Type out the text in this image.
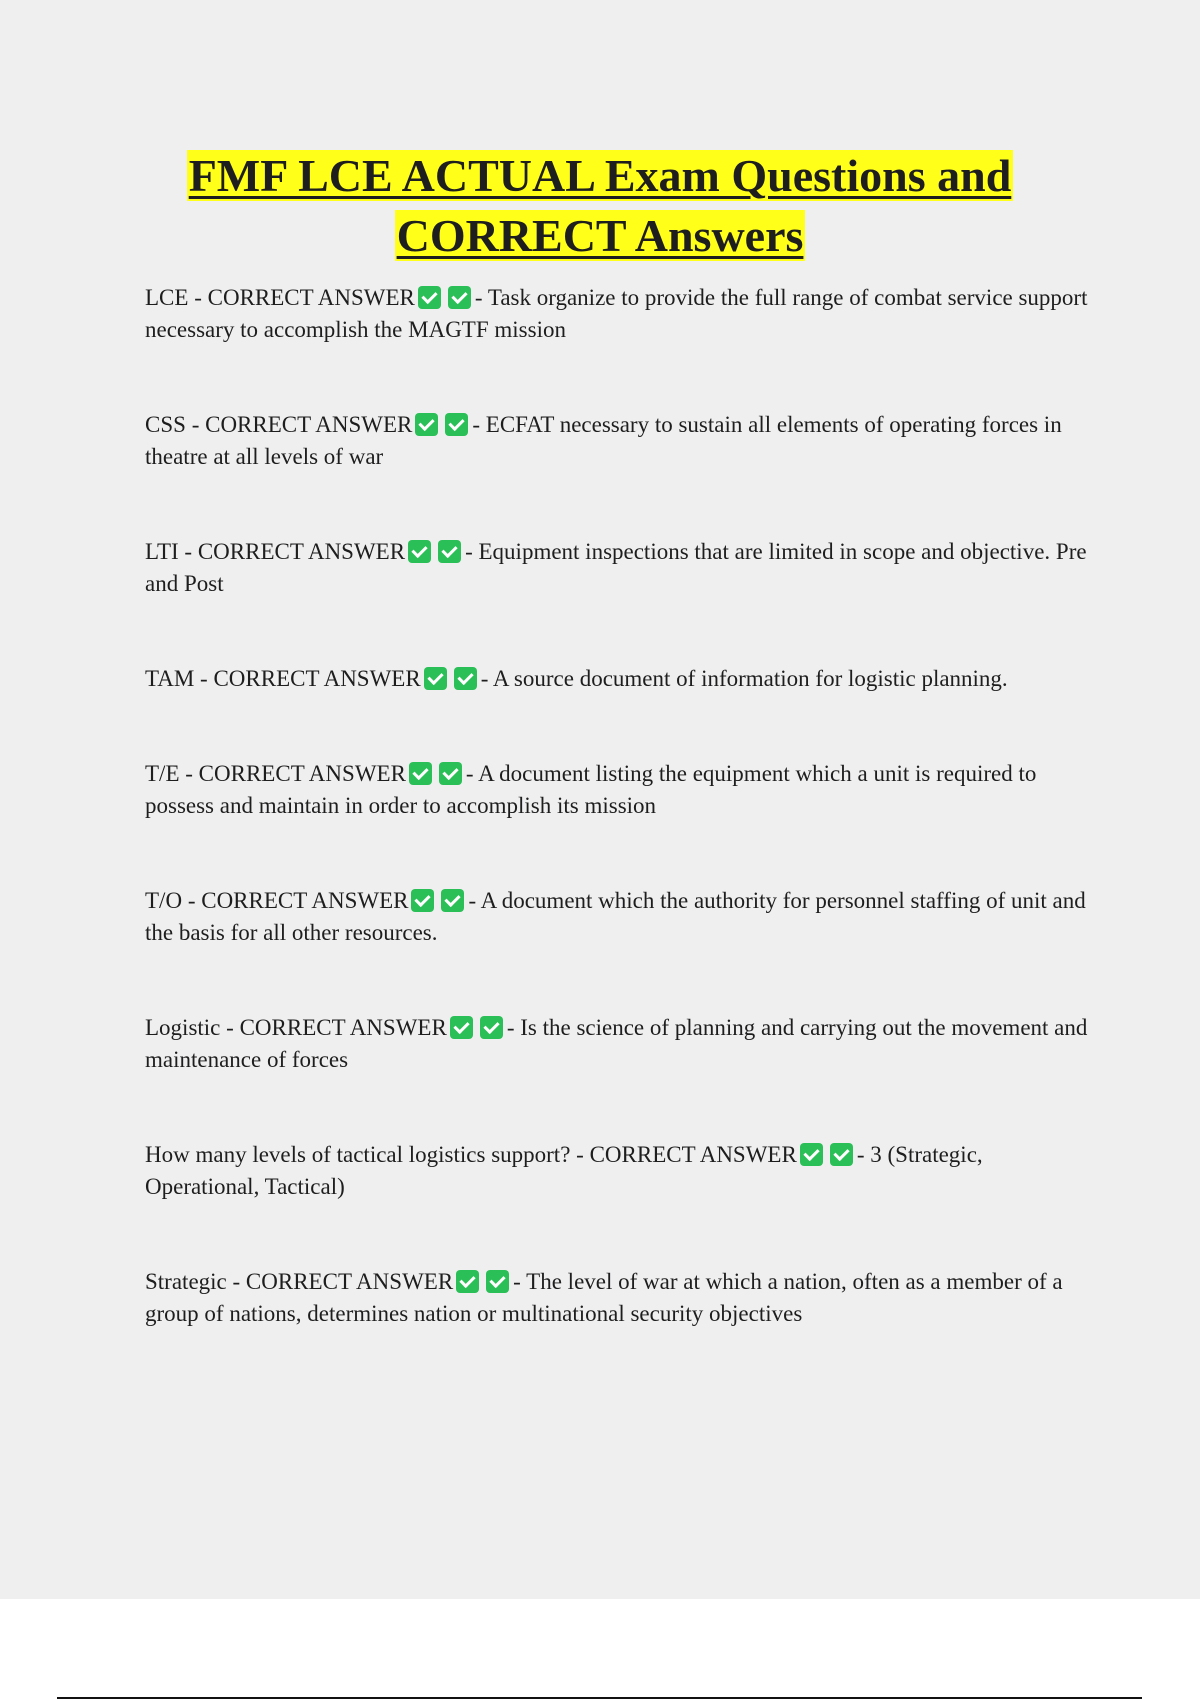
FMF LCE ACTUAL Exam Questions and
CORRECT Answers
LCE - CORRECT ANSWER	- Task organize to provide the full range of combat service support necessary to accomplish the MAGTF mission
CSS - CORRECT ANSWER	- ECFAT necessary to sustain all elements of operating forces in theatre at all levels of war
LTI - CORRECT ANSWER	- Equipment inspections that are limited in scope and objective. Pre and Post
TAM - CORRECT ANSWER	- A source document of information for logistic planning.
T/E - CORRECT ANSWER	- A document listing the equipment which a unit is required to possess and maintain in order to accomplish its mission
T/O - CORRECT ANSWER	- A document which the authority for personnel staffing of unit and the basis for all other resources.
Logistic - CORRECT ANSWER	- Is the science of planning and carrying out the movement and maintenance of forces
How many levels of tactical logistics support? - CORRECT ANSWER	- 3 (Strategic, Operational, Tactical)
Strategic - CORRECT ANSWER	- The level of war at which a nation, often as a member of a group of nations, determines nation or multinational security objectives
